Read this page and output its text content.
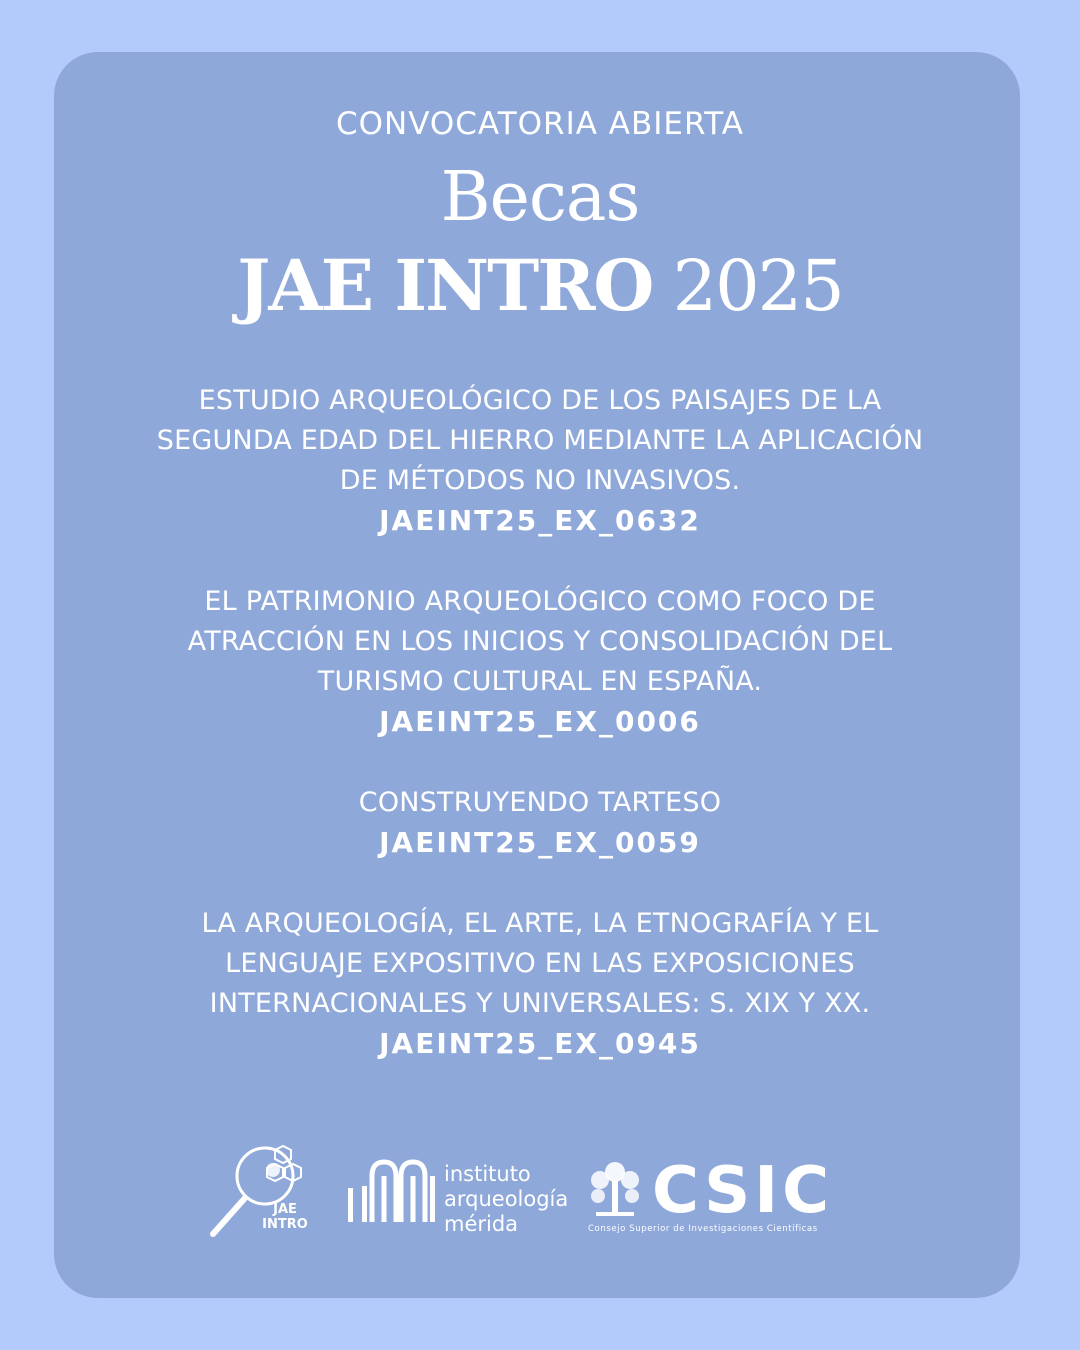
CONVOCATORIA ABIERTA
Becas
JAE INTRO 2025
ESTUDIO ARQUEOLÓGICO DE LOS PAISAJES DE LA
SEGUNDA EDAD DEL HIERRO MEDIANTE LA APLICACIÓN
DE MÉTODOS NO INVASIVOS.
JAEINT25_EX_0632
EL PATRIMONIO ARQUEOLÓGICO COMO FOCO DE
ATRACCIÓN EN LOS INICIOS Y CONSOLIDACIÓN DEL
TURISMO CULTURAL EN ESPAÑA.
JAEINT25_EX_0006
CONSTRUYENDO TARTESO
JAEINT25_EX_0059
LA ARQUEOLOGÍA, EL ARTE, LA ETNOGRAFÍA Y EL
LENGUAJE EXPOSITIVO EN LAS EXPOSICIONES
INTERNACIONALES Y UNIVERSALES: S. XIX Y XX.
JAEINT25_EX_0945
JAE
INTRO
instituto
arqueología
mérida	CSIC
Consejo Superior de Investigaciones Científicas
